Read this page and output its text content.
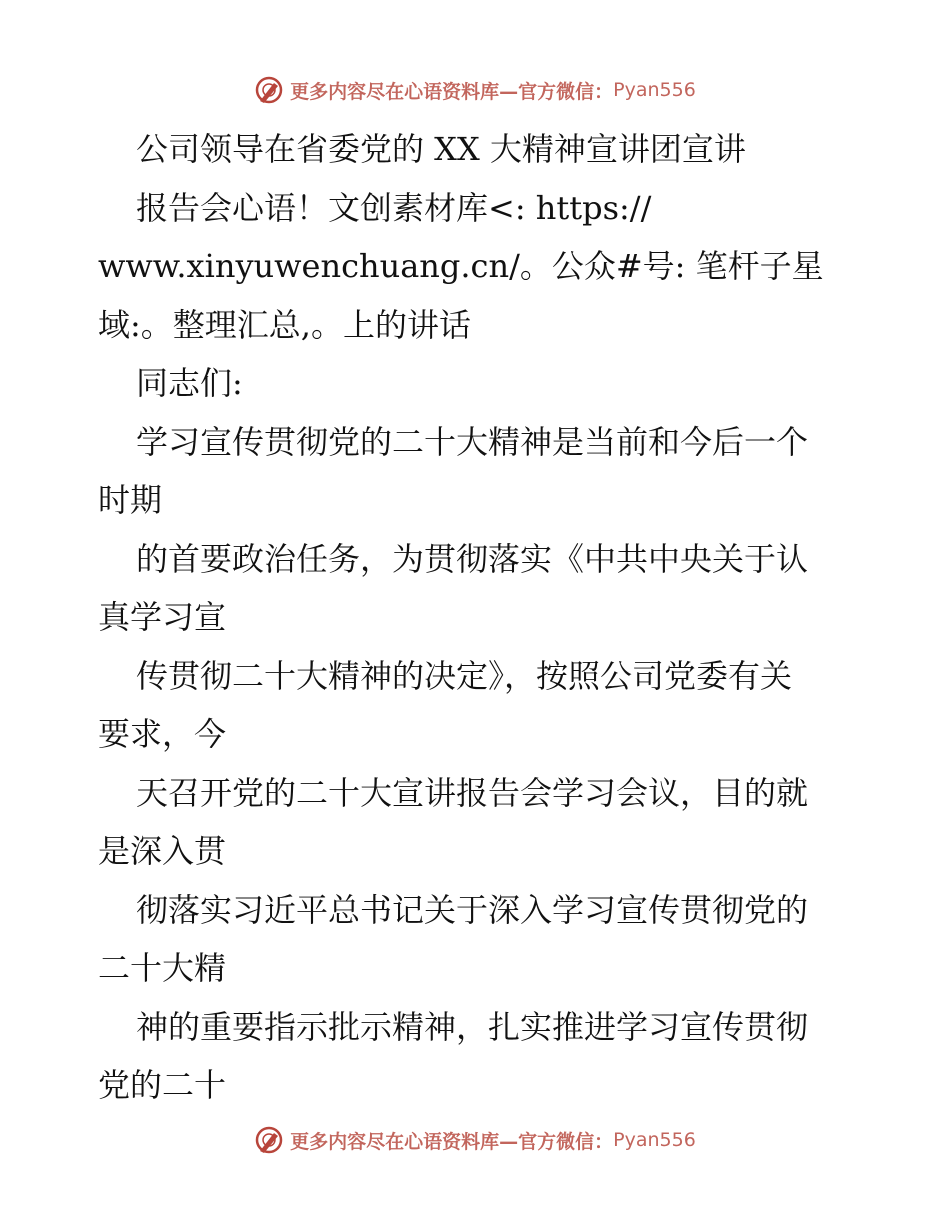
更多内容尽在心语资料库—官方微信： Pyan556
公司领导在省委党的 XX 大精神宣讲团宣讲
报告会心语！文创素材库<: https://
www.xinyuwenchuang.cn/。公众#号: 笔杆子星
域:。整理汇总,。上的讲话
同志们:
学习宣传贯彻党的二十大精神是当前和今后一个
时期
的首要政治任务，为贯彻落实《中共中央关于认
真学习宣
传贯彻二十大精神的决定》，按照公司党委有关
要求，今
天召开党的二十大宣讲报告会学习会议，目的就
是深入贯
彻落实习近平总书记关于深入学习宣传贯彻党的
二十大精
神的重要指示批示精神，扎实推进学习宣传贯彻
党的二十
更多内容尽在心语资料库—官方微信： Pyan556
